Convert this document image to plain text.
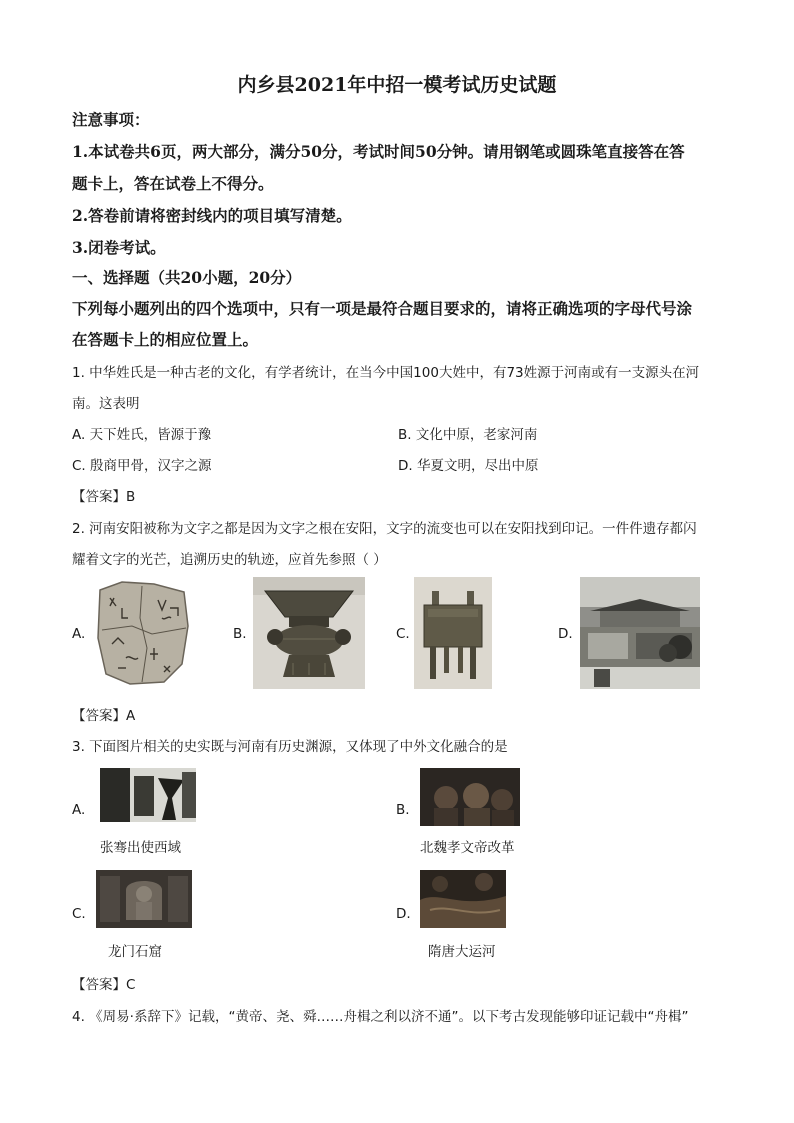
内乡县2021年中招一模考试历史试题
注意事项：
1.本试卷共6页，两大部分，满分50分，考试时间50分钟。请用钢笔或圆珠笔直接答在答
题卡上，答在试卷上不得分。
2.答卷前请将密封线内的项目填写清楚。
3.闭卷考试。
一、选择题（共20小题，20分）
下列每小题列出的四个选项中，只有一项是最符合题目要求的，请将正确选项的字母代号涂
在答题卡上的相应位置上。
1. 中华姓氏是一种古老的文化，有学者统计，在当今中国100大姓中，有73姓源于河南或有一支源头在河
南。这表明
A. 天下姓氏，皆源于豫	B. 文化中原，老家河南
C. 殷商甲骨，汉字之源	D. 华夏文明，尽出中原
【答案】B
2. 河南安阳被称为文字之都是因为文字之根在安阳，文字的流变也可以在安阳找到印记。一件件遗存都闪
耀着文字的光芒，追溯历史的轨迹，应首先参照（ ）
A.	B.	C.	D.
【答案】A
3. 下面图片相关的史实既与河南有历史渊源，又体现了中外文化融合的是
A.
张骞出使西域
B.
北魏孝文帝改革
C.
龙门石窟
D.
隋唐大运河
【答案】C
4. 《周易·系辞下》记载，“黄帝、尧、舜……舟楫之利以济不通”。以下考古发现能够印证记载中“舟楫”
